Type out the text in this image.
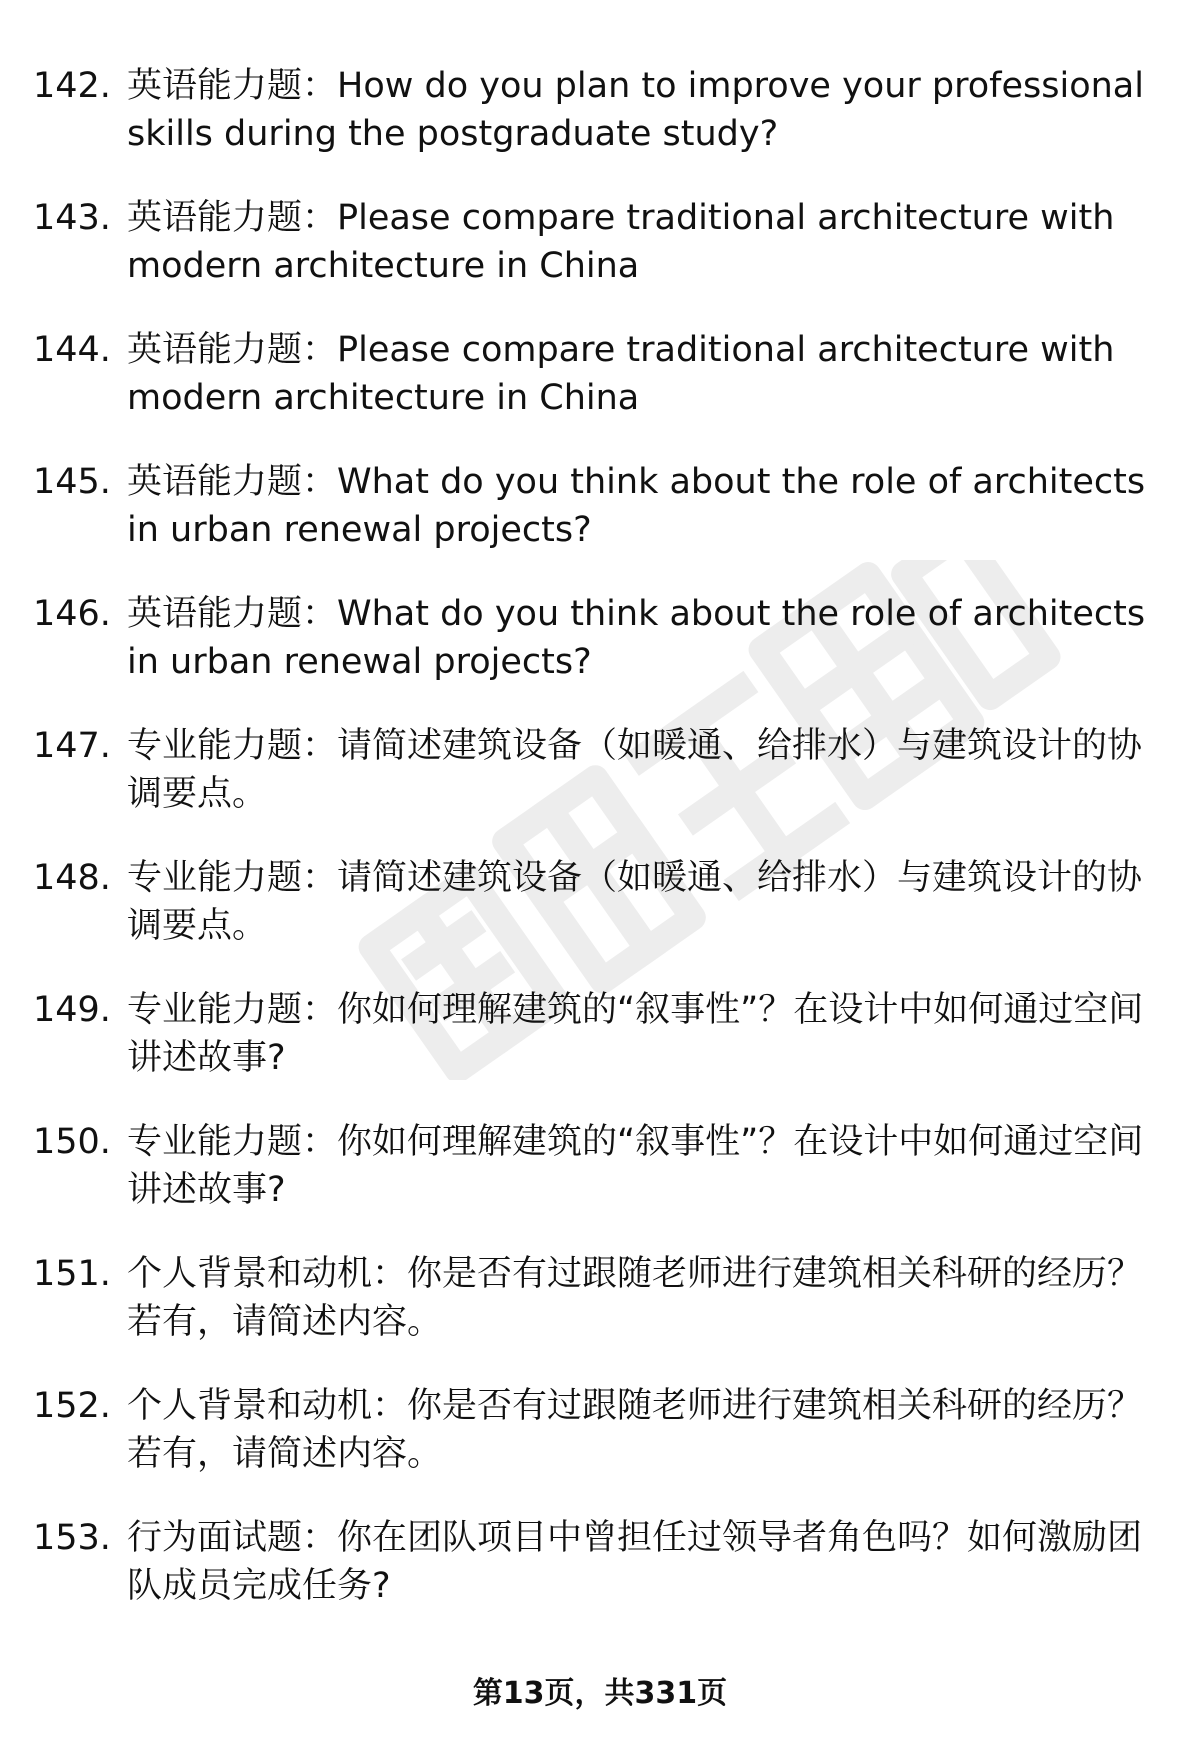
142. 英语能力题：How do you plan to improve your professional skills during the postgraduate study?
143. 英语能力题：Please compare traditional architecture with modern architecture in China
144. 英语能力题：Please compare traditional architecture with modern architecture in China
145. 英语能力题：What do you think about the role of architects in urban renewal projects?
146. 英语能力题：What do you think about the role of architects in urban renewal projects?
147. 专业能力题：请简述建筑设备（如暖通、给排水）与建筑设计的协调要点。
148. 专业能力题：请简述建筑设备（如暖通、给排水）与建筑设计的协调要点。
149. 专业能力题：你如何理解建筑的“叙事性”？在设计中如何通过空间讲述故事?
150. 专业能力题：你如何理解建筑的“叙事性”？在设计中如何通过空间讲述故事?
151. 个人背景和动机：你是否有过跟随老师进行建筑相关科研的经历？若有，请简述内容。
152. 个人背景和动机：你是否有过跟随老师进行建筑相关科研的经历？若有，请简述内容。
153. 行为面试题：你在团队项目中曾担任过领导者角色吗？如何激励团队成员完成任务?
第13页，共331页
